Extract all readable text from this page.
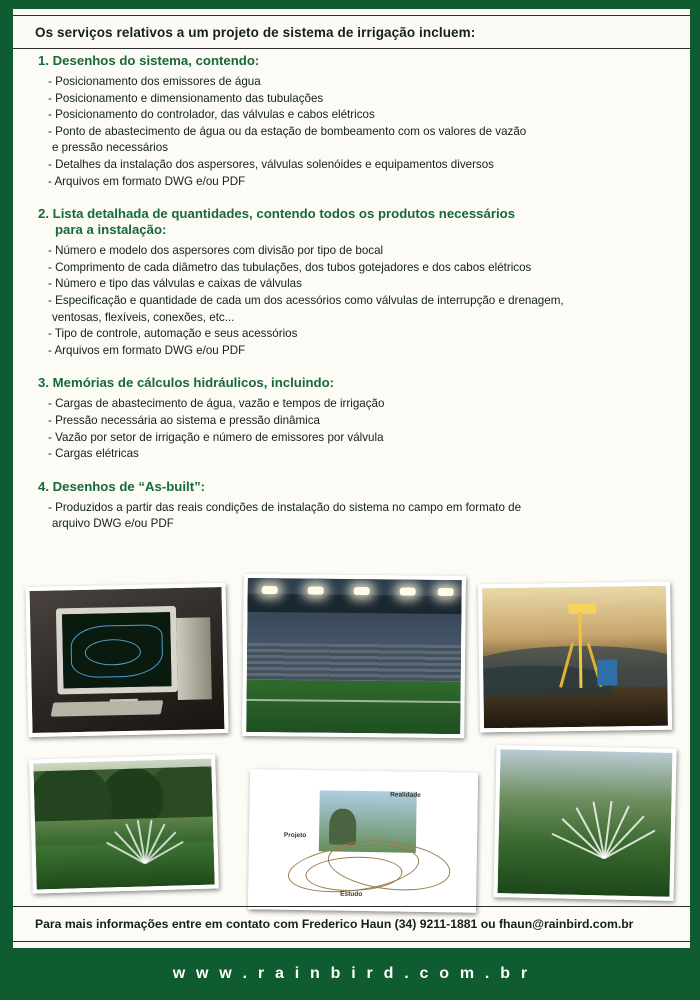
Os serviços relativos a um projeto de sistema de irrigação incluem:
1. Desenhos do sistema, contendo:
- Posicionamento dos emissores de água
- Posicionamento e dimensionamento das tubulações
- Posicionamento do controlador, das válvulas e cabos elétricos
- Ponto de abastecimento de água ou da estação de bombeamento com os valores de vazão
e pressão necessários
- Detalhes da instalação dos aspersores, válvulas solenóides e equipamentos diversos
- Arquivos em formato DWG e/ou PDF
2. Lista detalhada de quantidades, contendo todos os produtos necessários
para a instalação:
- Número e modelo dos aspersores com divisão por tipo de bocal
- Comprimento de cada diâmetro das tubulações, dos tubos gotejadores e dos cabos elétricos
- Número e tipo das válvulas e caixas de válvulas
- Especificação e quantidade de cada um dos acessórios como válvulas de interrupção e drenagem,
ventosas, flexíveis, conexões, etc...
- Tipo de controle, automação e seus acessórios
- Arquivos em formato DWG e/ou PDF
3. Memórias de cálculos hidráulicos, incluindo:
- Cargas de abastecimento de água, vazão e tempos de irrigação
- Pressão necessária ao sistema e pressão dinâmica
- Vazão por setor de irrigação e número de emissores por válvula
- Cargas elétricas
4. Desenhos de “As-built”:
- Produzidos a partir das reais condições de instalação do sistema no campo em formato de
arquivo DWG e/ou PDF
Projeto
Realidade
Estudo
Para mais informações entre em contato com Frederico Haun (34) 9211-1881 ou fhaun@rainbird.com.br
w w w . r a i n b i r d . c o m . b r
